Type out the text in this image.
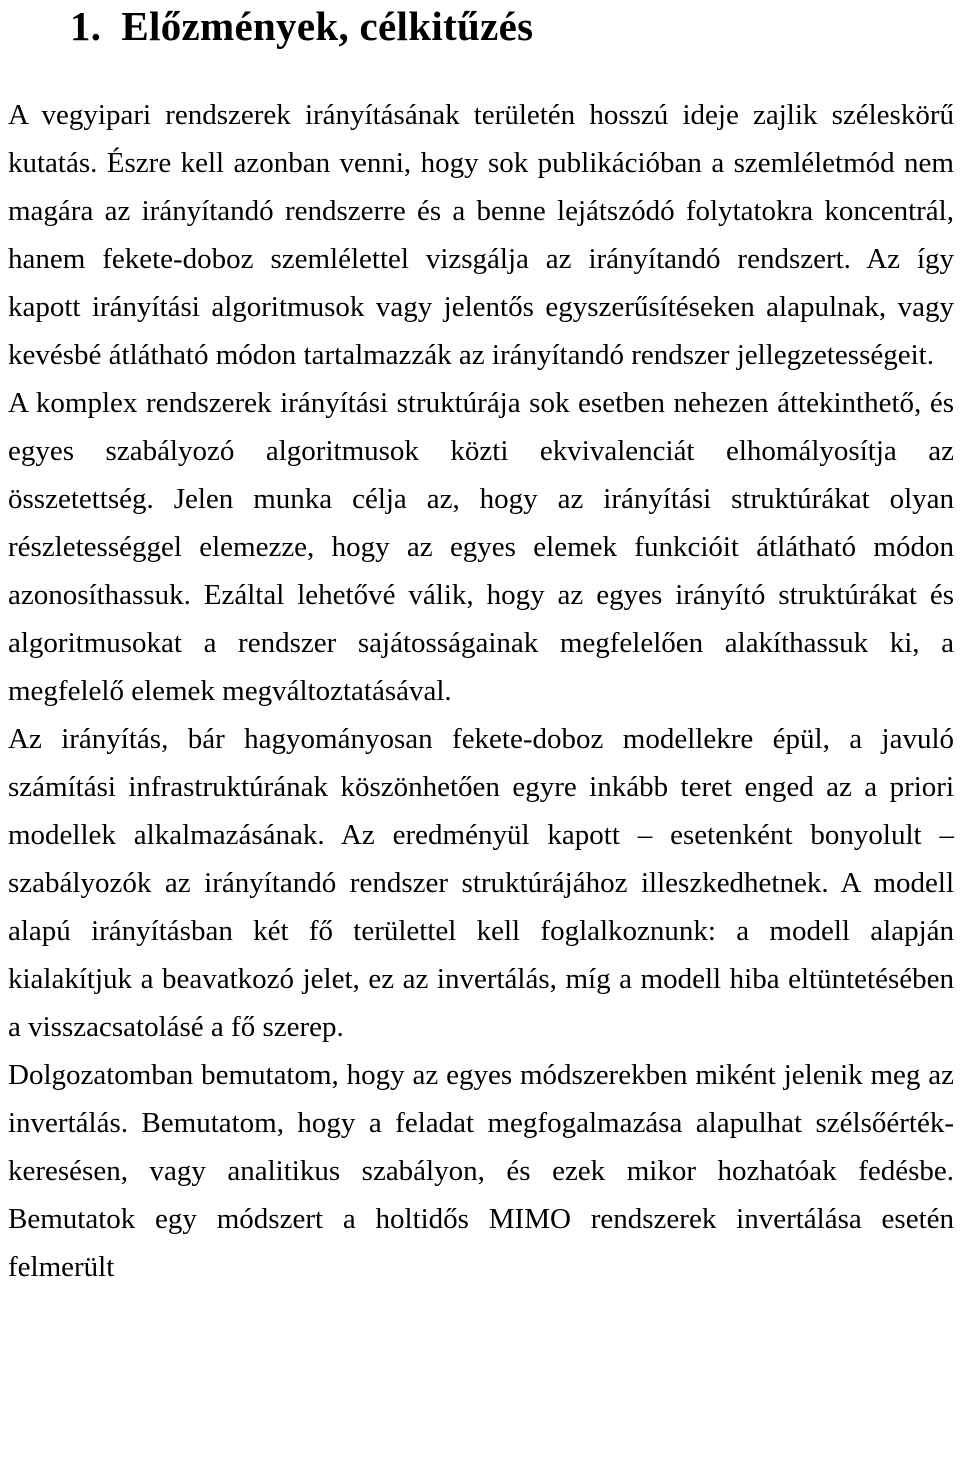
1. Előzmények, célkitűzés

A vegyipari rendszerek irányításának területén hosszú ideje zajlik széleskörű kutatás. Észre kell azonban venni, hogy sok publikációban a szemléletmód nem magára az irányítandó rendszerre és a benne lejátszódó folytatokra koncentrál, hanem fekete-doboz szemlélettel vizsgálja az irányítandó rendszert. Az így kapott irányítási algoritmusok vagy jelentős egyszerűsítéseken alapulnak, vagy kevésbé átlátható módon tartalmazzák az irányítandó rendszer jellegzetességeit.

A komplex rendszerek irányítási struktúrája sok esetben nehezen áttekinthető, és egyes szabályozó algoritmusok közti ekvivalenciát elhomályosítja az összetettség. Jelen munka célja az, hogy az irányítási struktúrákat olyan részletességgel elemezze, hogy az egyes elemek funkcióit átlátható módon azonosíthassuk. Ezáltal lehetővé válik, hogy az egyes irányító struktúrákat és algoritmusokat a rendszer sajátosságainak megfelelően alakíthassuk ki, a megfelelő elemek megváltoztatásával.

Az irányítás, bár hagyományosan fekete-doboz modellekre épül, a javuló számítási infrastruktúrának köszönhetően egyre inkább teret enged az a priori modellek alkalmazásának. Az eredményül kapott – esetenként bonyolult – szabályozók az irányítandó rendszer struktúrájához illeszkedhetnek. A modell alapú irányításban két fő területtel kell foglalkoznunk: a modell alapján kialakítjuk a beavatkozó jelet, ez az invertálás, míg a modell hiba eltüntetésében a visszacsatolásé a fő szerep.

Dolgozatomban bemutatom, hogy az egyes módszerekben miként jelenik meg az invertálás. Bemutatom, hogy a feladat megfogalmazása alapulhat szélsőérték-keresésen, vagy analitikus szabályon, és ezek mikor hozhatóak fedésbe. Bemutatok egy módszert a holtidős MIMO rendszerek invertálása esetén felmerült
